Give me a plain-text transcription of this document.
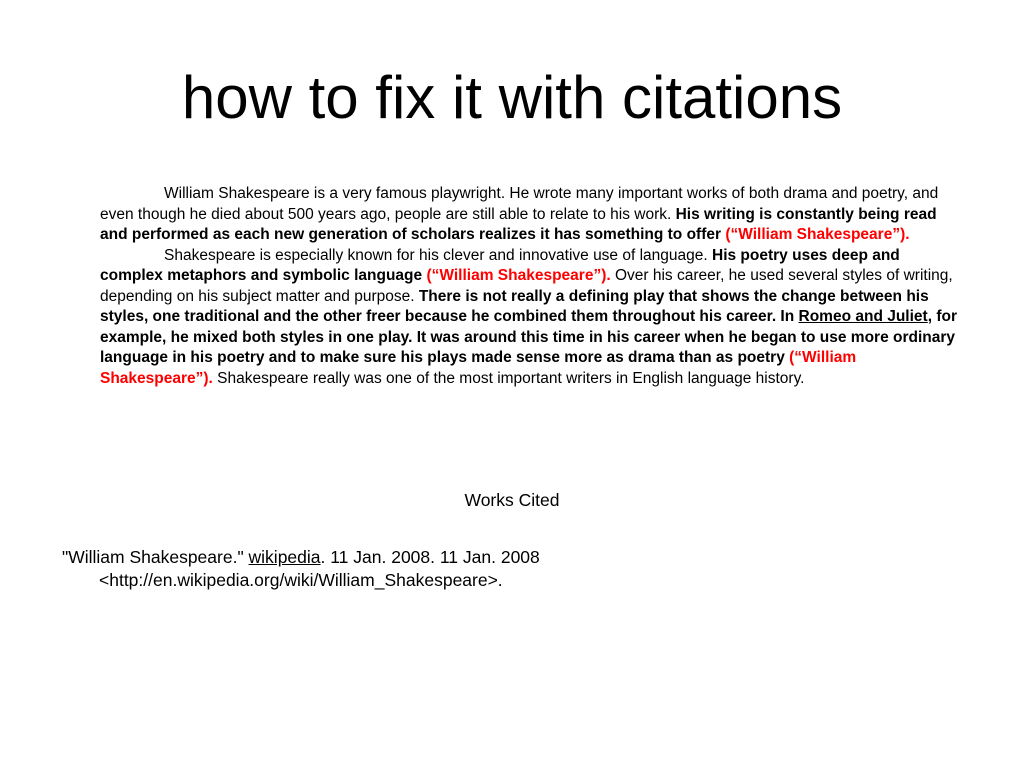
how to fix it with citations

William Shakespeare is a very famous playwright. He wrote many important works of both drama and poetry, and even though he died about 500 years ago, people are still able to relate to his work. His writing is constantly being read and performed as each new generation of scholars realizes it has something to offer (“William Shakespeare”).

Shakespeare is especially known for his clever and innovative use of language. His poetry uses deep and complex metaphors and symbolic language (“William Shakespeare”). Over his career, he used several styles of writing, depending on his subject matter and purpose. There is not really a defining play that shows the change between his styles, one traditional and the other freer because he combined them throughout his career. In Romeo and Juliet, for example, he mixed both styles in one play. It was around this time in his career when he began to use more ordinary language in his poetry and to make sure his plays made sense more as drama than as poetry (“William Shakespeare”). Shakespeare really was one of the most important writers in English language history.

Works Cited
"William Shakespeare." wikipedia. 11 Jan. 2008. 11 Jan. 2008 <http://en.wikipedia.org/wiki/William_Shakespeare>.
